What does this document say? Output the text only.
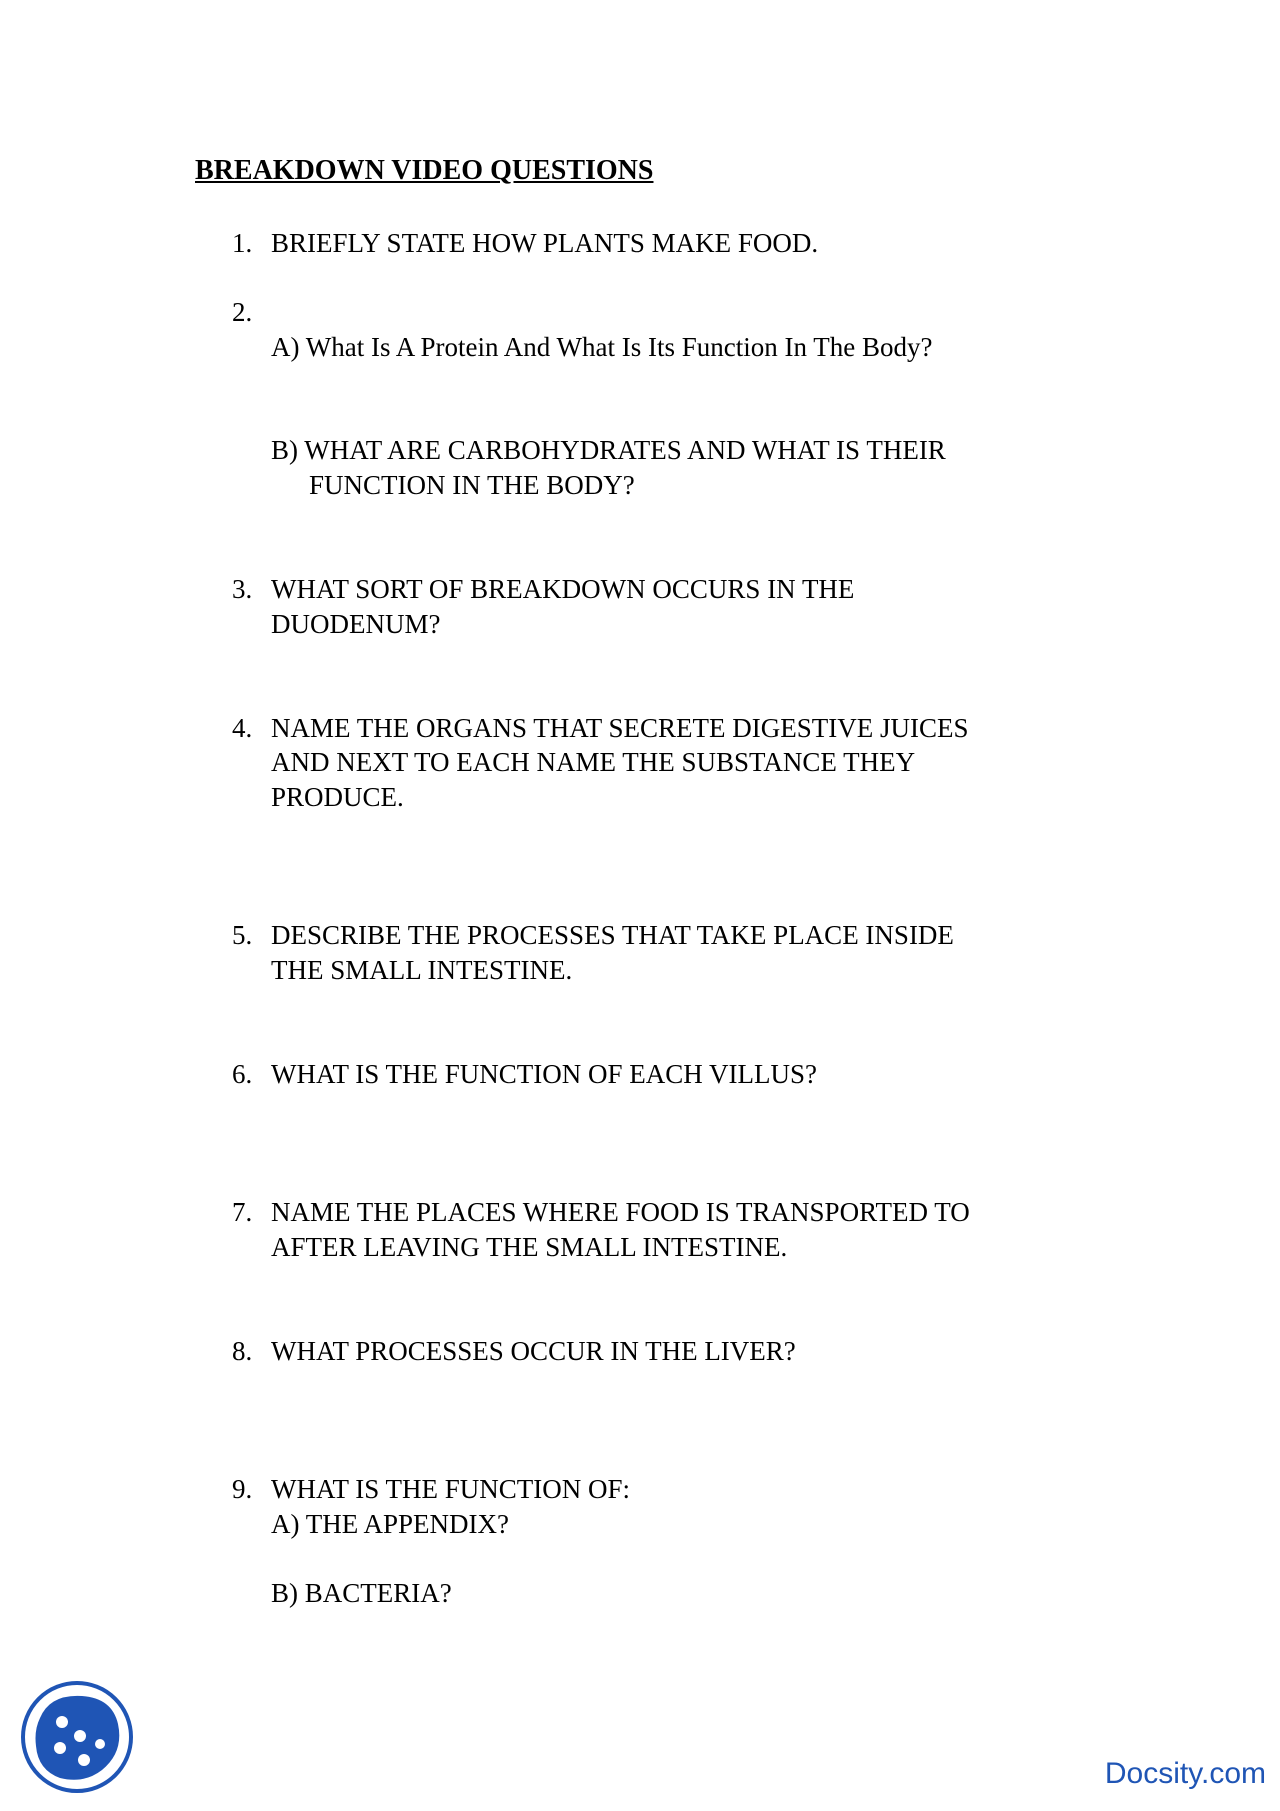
BREAKDOWN VIDEO QUESTIONS
1. BRIEFLY STATE HOW PLANTS MAKE FOOD.
2.
A) What Is A Protein And What Is Its Function In The Body?
B) WHAT ARE CARBOHYDRATES AND WHAT IS THEIR
FUNCTION IN THE BODY?
3. WHAT SORT OF BREAKDOWN OCCURS IN THE
DUODENUM?
4. NAME THE ORGANS THAT SECRETE DIGESTIVE JUICES
AND NEXT TO EACH NAME THE SUBSTANCE THEY
PRODUCE.
5. DESCRIBE THE PROCESSES THAT TAKE PLACE INSIDE
THE SMALL INTESTINE.
6. WHAT IS THE FUNCTION OF EACH VILLUS?
7. NAME THE PLACES WHERE FOOD IS TRANSPORTED TO
AFTER LEAVING THE SMALL INTESTINE.
8. WHAT PROCESSES OCCUR IN THE LIVER?
9. WHAT IS THE FUNCTION OF:
A) THE APPENDIX?
B) BACTERIA?
Docsity.com
